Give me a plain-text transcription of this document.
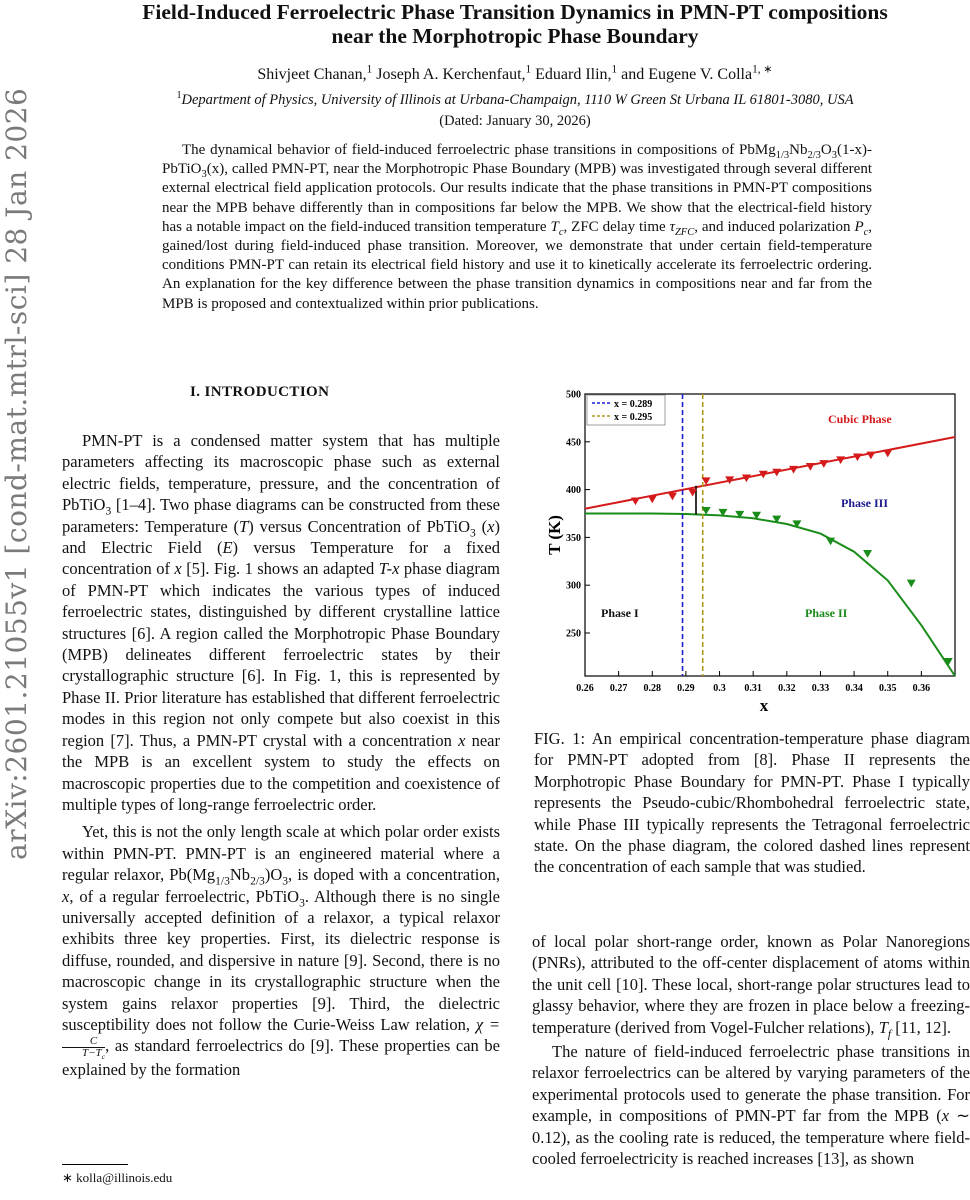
arXiv:2601.21055v1 [cond-mat.mtrl-sci] 28 Jan 2026
Field-Induced Ferroelectric Phase Transition Dynamics in PMN-PT compositions
near the Morphotropic Phase Boundary
Shivjeet Chanan,$^1$ Joseph A. Kerchenfaut,$^1$ Eduard Ilin,$^1$ and Eugene V. Colla$^{1, ∗}$
$^1$Department of Physics, University of Illinois at Urbana-Champaign, 1110 W Green St Urbana IL 61801-3080, USA
(Dated: January 30, 2026)

The dynamical behavior of field-induced ferroelectric phase transitions in compositions of $PbMg_{1/3}Nb_{2/3}O_3(1-x)-PbTiO_3(x)$, called PMN-PT, near the Morphotropic Phase Boundary (MPB) was investigated through several different external electrical field application protocols. Our results indicate that the phase transitions in PMN-PT compositions near the MPB behave differently than in compositions far below the MPB. We show that the electrical-field history has a notable impact on the field-induced transition temperature $T_c$, ZFC delay time $\tau_{ZFC}$, and induced polarization $P_c$, gained/lost during field-induced phase transition. Moreover, we demonstrate that under certain field-temperature conditions PMN-PT can retain its electrical field history and use it to kinetically accelerate its ferroelectric ordering. An explanation for the key difference between the phase transition dynamics in compositions near and far from the MPB is proposed and contextualized within prior publications.

I. INTRODUCTION

PMN-PT is a condensed matter system that has multiple parameters affecting its macroscopic phase such as external electric fields, temperature, pressure, and the concentration of PbTiO$_3$ [1–4]. Two phase diagrams can be constructed from these parameters: Temperature (T) versus Concentration of PbTiO$_3$ (x) and Electric Field (E) versus Temperature for a fixed concentration of x [5]. Fig. 1 shows an adapted T-x phase diagram of PMN-PT which indicates the various types of induced ferroelectric states, distinguished by different crystalline lattice structures [6]. A region called the Morphotropic Phase Boundary (MPB) delineates different ferroelectric states by their crystallographic structure [6]. In Fig. 1, this is represented by Phase II. Prior literature has established that different ferroelectric modes in this region not only compete but also coexist in this region [7]. Thus, a PMN-PT crystal with a concentration x near the MPB is an excellent system to study the effects on macroscopic properties due to the competition and coexistence of multiple types of long-range ferroelectric order.

Yet, this is not the only length scale at which polar order exists within PMN-PT. PMN-PT is an engineered material where a regular relaxor, $Pb(Mg_{1/3}Nb_{2/3})O_3$, is doped with a concentration, x, of a regular ferroelectric, PbTiO$_3$. Although there is no single universally accepted definition of a relaxor, a typical relaxor exhibits three key properties. First, its dielectric response is diffuse, rounded, and dispersive in nature [9]. Second, there is no macroscopic change in its crystallographic structure when the system gains relaxor properties [9]. Third, the dielectric susceptibility does not follow the Curie-Weiss Law relation, χ =
$\frac{C}{T-T_c}$ , as standard ferroelectrics do [9]. These properties can be explained by the formation

0.26 0.27 0.28 0.29 0.3 0.31 0.32 0.33 0.34 0.35 0.36
250
300
350
400
450
500
x = 0.289
x = 0.295	Cubic Phase
Phase III
Phase I	Phase II
x
T (K)

FIG. 1: An empirical concentration-temperature phase diagram for PMN-PT adopted from [8]. Phase II represents the Morphotropic Phase Boundary for PMN-PT. Phase I typically represents the Pseudo-cubic/Rhombohedral ferroelectric state, while Phase III typically represents the Tetragonal ferroelectric state. On the phase diagram, the colored dashed lines represent the concentration of each sample that was studied.

of local polar short-range order, known as Polar Nanoregions (PNRs), attributed to the off-center displacement of atoms within the unit cell [10]. These local, short-range polar structures lead to glassy behavior, where they are frozen in place below a freezing-temperature (derived from Vogel-Fulcher relations), $T_f$ [11, 12].

The nature of field-induced ferroelectric phase transitions in relaxor ferroelectrics can be altered by varying parameters of the experimental protocols used to generate the phase transition. For example, in compositions of PMN-PT far from the MPB (x ∼ 0.12), as the cooling rate is reduced, the temperature where field-cooled ferroelectricity is reached increases [13], as shown

∗ kolla@illinois.edu
